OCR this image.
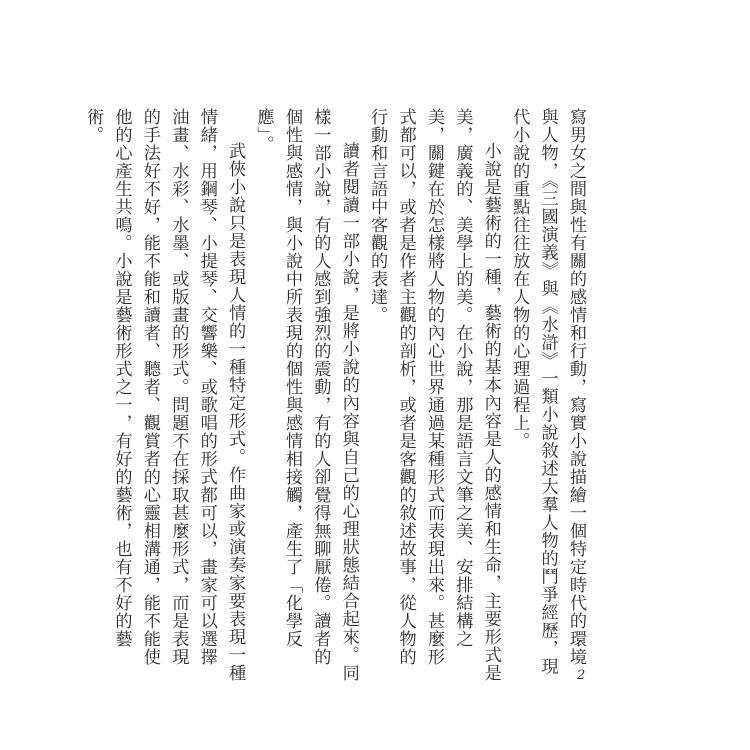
寫男女之間與性有關的感情和行動，寫實小說描繪一個特定時代的環境與人物，《三國演義》與《水滸》一類小說敘述大羣人物的鬥爭經歷，現代小說的重點往往放在人物的心理過程上。

小說是藝術的一種，藝術的基本內容是人的感情和生命，主要形式是美，廣義的、美學上的美。在小說，那是語言文筆之美、安排結構之美，關鍵在於怎樣將人物的內心世界通過某種形式而表現出來。甚麼形式都可以，或者是作者主觀的剖析，或者是客觀的敘述故事，從人物的行動和言語中客觀的表達。

讀者閱讀一部小說，是將小說的內容與自己的心理狀態結合起來。同樣一部小說，有的人感到強烈的震動，有的人卻覺得無聊厭倦。讀者的個性與感情，與小說中所表現的個性與感情相接觸，產生了「化學反應」。

武俠小說只是表現人情的一種特定形式。作曲家或演奏家要表現一種情緒，用鋼琴、小提琴、交響樂、或歌唱的形式都可以，畫家可以選擇油畫、水彩、水墨、或版畫的形式。問題不在採取甚麼形式，而是表現的手法好不好，能不能和讀者、聽者、觀賞者的心靈相溝通，能不能使他的心產生共鳴。小說是藝術形式之一，有好的藝術，也有不好的藝術。

2
